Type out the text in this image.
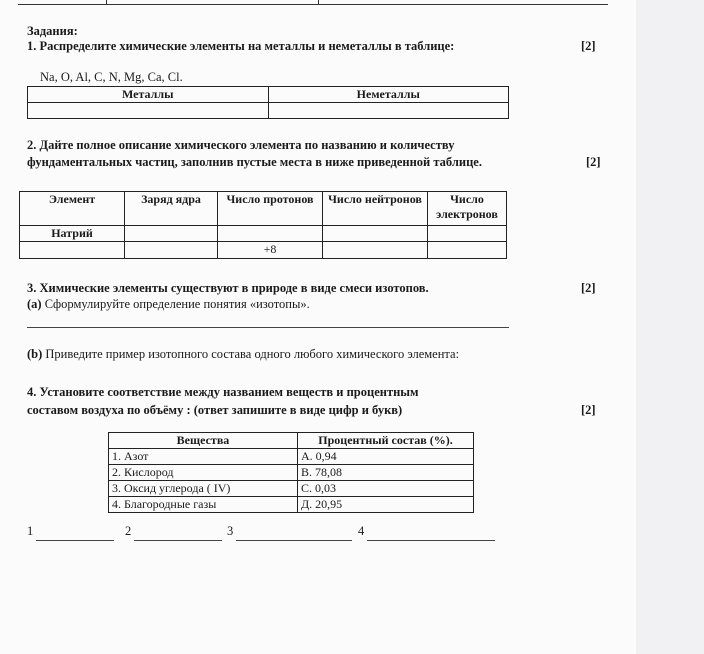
Задания:
1. Распределите химические элементы на металлы и неметаллы в таблице:	[2]
Na, O, Al, C, N, Mg, Ca, Cl.
Металлы	Неметаллы

2. Дайте полное описание химического элемента по названию и количеству
фундаментальных частиц, заполнив пустые места в ниже приведенной таблице.	[2]
Элемент	Заряд ядра	Число протонов	Число нейтронов	Число электронов
Натрий				
		+8		
3. Химические элементы существуют в природе в виде смеси изотопов.	[2]
(a) Сформулируйте определение понятия «изотопы».
(b) Приведите пример изотопного состава одного любого химического элемента:
4. Установите соответствие между названием веществ и процентным
составом воздуха по объёму : (ответ запишите в виде цифр и букв)	[2]
Вещества	Процентный состав (%).
1. Азот	А. 0,94
2. Кислород	В. 78,08
3. Оксид углерода ( IV)	С. 0,03
4. Благородные газы	Д. 20,95
1	2	3	4
